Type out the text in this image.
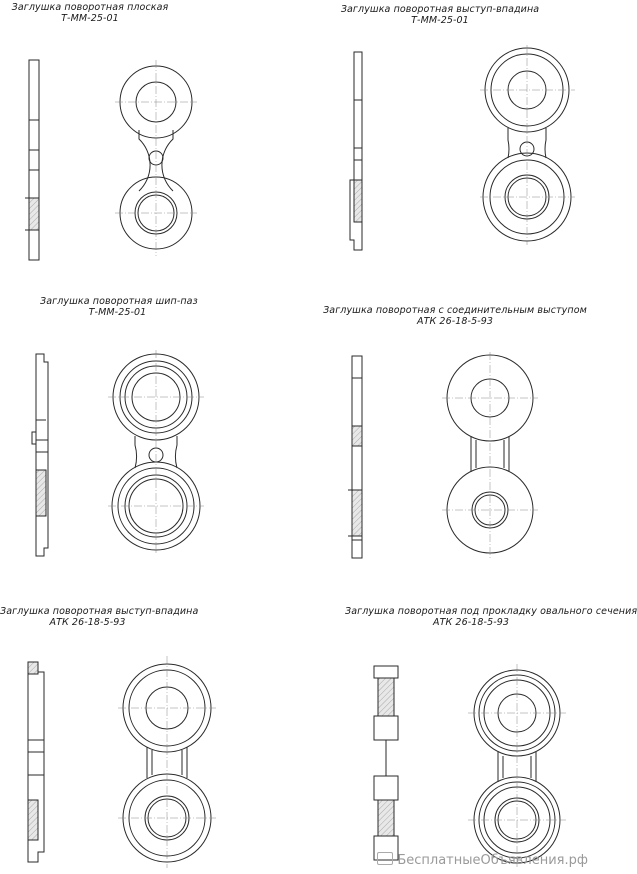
Заглушка поворотная плоская
Т-ММ-25-01
Заглушка поворотная выступ-впадина
Т-ММ-25-01
Заглушка поворотная шип-паз
Т-ММ-25-01	Заглушка поворотная с соединительным выступом
АТК 26-18-5-93
Заглушка поворотная выступ-впадина
АТК 26-18-5-93
Заглушка поворотная под прокладку овального сечения
АТК 26-18-5-93
БесплатныеОбъявления.рф
